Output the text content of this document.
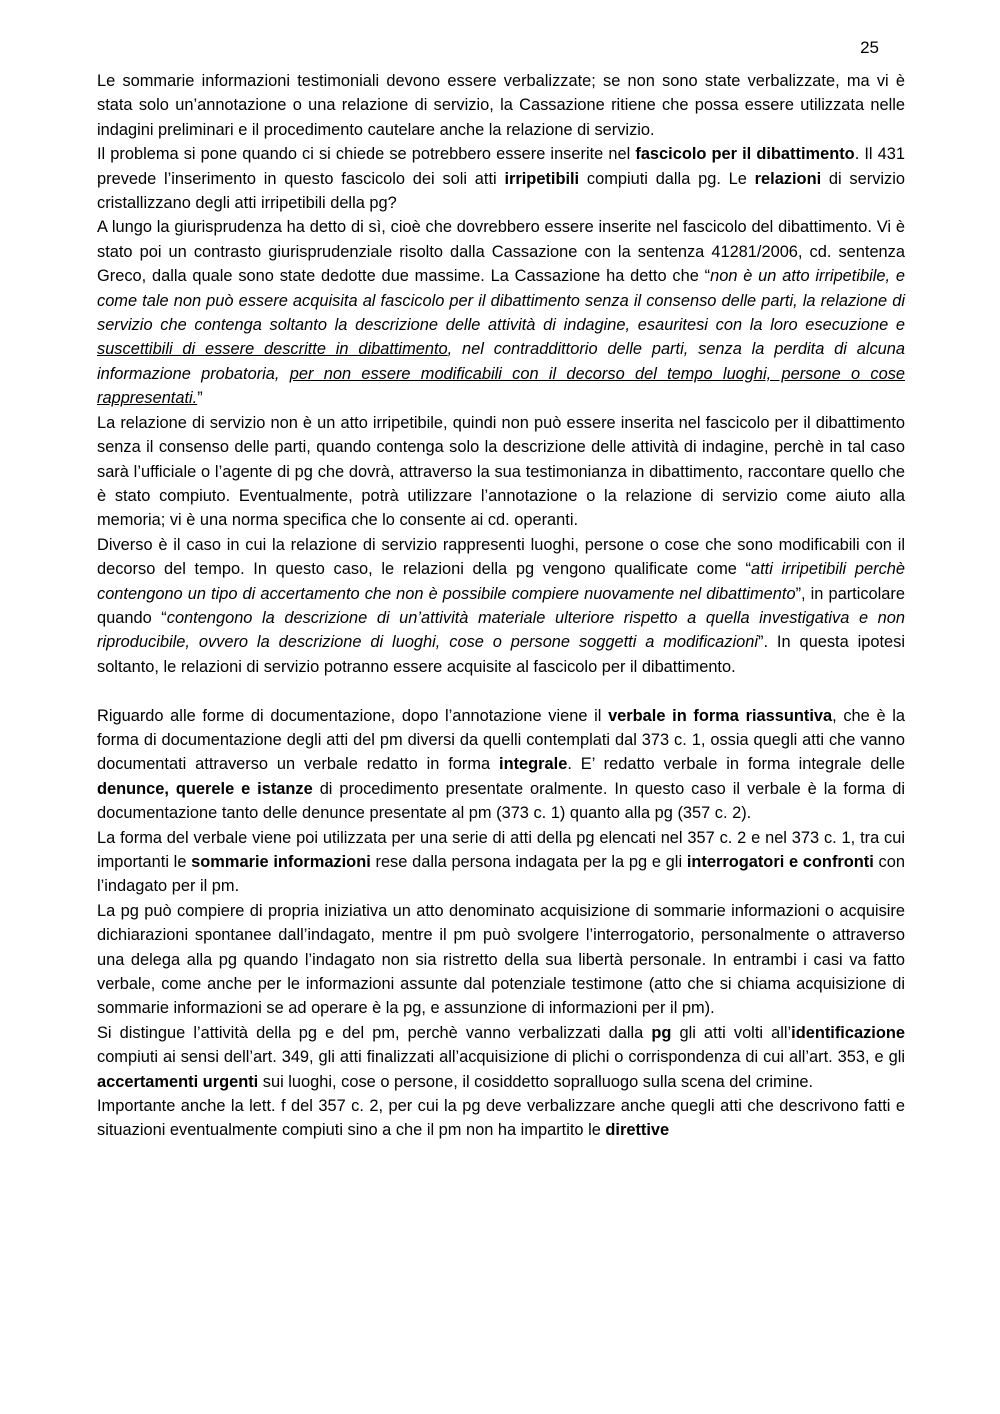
25

Le sommarie informazioni testimoniali devono essere verbalizzate; se non sono state verbalizzate, ma vi è stata solo un’annotazione o una relazione di servizio, la Cassazione ritiene che possa essere utilizzata nelle indagini preliminari e il procedimento cautelare anche la relazione di servizio.

Il problema si pone quando ci si chiede se potrebbero essere inserite nel fascicolo per il dibattimento. Il 431 prevede l’inserimento in questo fascicolo dei soli atti irripetibili compiuti dalla pg. Le relazioni di servizio cristallizzano degli atti irripetibili della pg?

A lungo la giurisprudenza ha detto di sì, cioè che dovrebbero essere inserite nel fascicolo del dibattimento. Vi è stato poi un contrasto giurisprudenziale risolto dalla Cassazione con la sentenza 41281/2006, cd. sentenza Greco, dalla quale sono state dedotte due massime. La Cassazione ha detto che “non è un atto irripetibile, e come tale non può essere acquisita al fascicolo per il dibattimento senza il consenso delle parti, la relazione di servizio che contenga soltanto la descrizione delle attività di indagine, esauritesi con la loro esecuzione e suscettibili di essere descritte in dibattimento, nel contraddittorio delle parti, senza la perdita di alcuna informazione probatoria, per non essere modificabili con il decorso del tempo luoghi, persone o cose rappresentati.”

La relazione di servizio non è un atto irripetibile, quindi non può essere inserita nel fascicolo per il dibattimento senza il consenso delle parti, quando contenga solo la descrizione delle attività di indagine, perchè in tal caso sarà l’ufficiale o l’agente di pg che dovrà, attraverso la sua testimonianza in dibattimento, raccontare quello che è stato compiuto. Eventualmente, potrà utilizzare l’annotazione o la relazione di servizio come aiuto alla memoria; vi è una norma specifica che lo consente ai cd. operanti.

Diverso è il caso in cui la relazione di servizio rappresenti luoghi, persone o cose che sono modificabili con il decorso del tempo. In questo caso, le relazioni della pg vengono qualificate come “atti irripetibili perchè contengono un tipo di accertamento che non è possibile compiere nuovamente nel dibattimento”, in particolare quando “contengono la descrizione di un’attività materiale ulteriore rispetto a quella investigativa e non riproducibile, ovvero la descrizione di luoghi, cose o persone soggetti a modificazioni”. In questa ipotesi soltanto, le relazioni di servizio potranno essere acquisite al fascicolo per il dibattimento.

Riguardo alle forme di documentazione, dopo l’annotazione viene il verbale in forma riassuntiva, che è la forma di documentazione degli atti del pm diversi da quelli contemplati dal 373 c. 1, ossia quegli atti che vanno documentati attraverso un verbale redatto in forma integrale. E’ redatto verbale in forma integrale delle denunce, querele e istanze di procedimento presentate oralmente. In questo caso il verbale è la forma di documentazione tanto delle denunce presentate al pm (373 c. 1) quanto alla pg (357 c. 2).

La forma del verbale viene poi utilizzata per una serie di atti della pg elencati nel 357 c. 2 e nel 373 c. 1, tra cui importanti le sommarie informazioni rese dalla persona indagata per la pg e gli interrogatori e confronti con l’indagato per il pm.

La pg può compiere di propria iniziativa un atto denominato acquisizione di sommarie informazioni o acquisire dichiarazioni spontanee dall’indagato, mentre il pm può svolgere l’interrogatorio, personalmente o attraverso una delega alla pg quando l’indagato non sia ristretto della sua libertà personale. In entrambi i casi va fatto verbale, come anche per le informazioni assunte dal potenziale testimone (atto che si chiama acquisizione di sommarie informazioni se ad operare è la pg, e assunzione di informazioni per il pm).

Si distingue l’attività della pg e del pm, perchè vanno verbalizzati dalla pg gli atti volti all’identificazione compiuti ai sensi dell’art. 349, gli atti finalizzati all’acquisizione di plichi o corrispondenza di cui all’art. 353, e gli accertamenti urgenti sui luoghi, cose o persone, il cosiddetto sopralluogo sulla scena del crimine.

Importante anche la lett. f del 357 c. 2, per cui la pg deve verbalizzare anche quegli atti che descrivono fatti e situazioni eventualmente compiuti sino a che il pm non ha impartito le direttive
